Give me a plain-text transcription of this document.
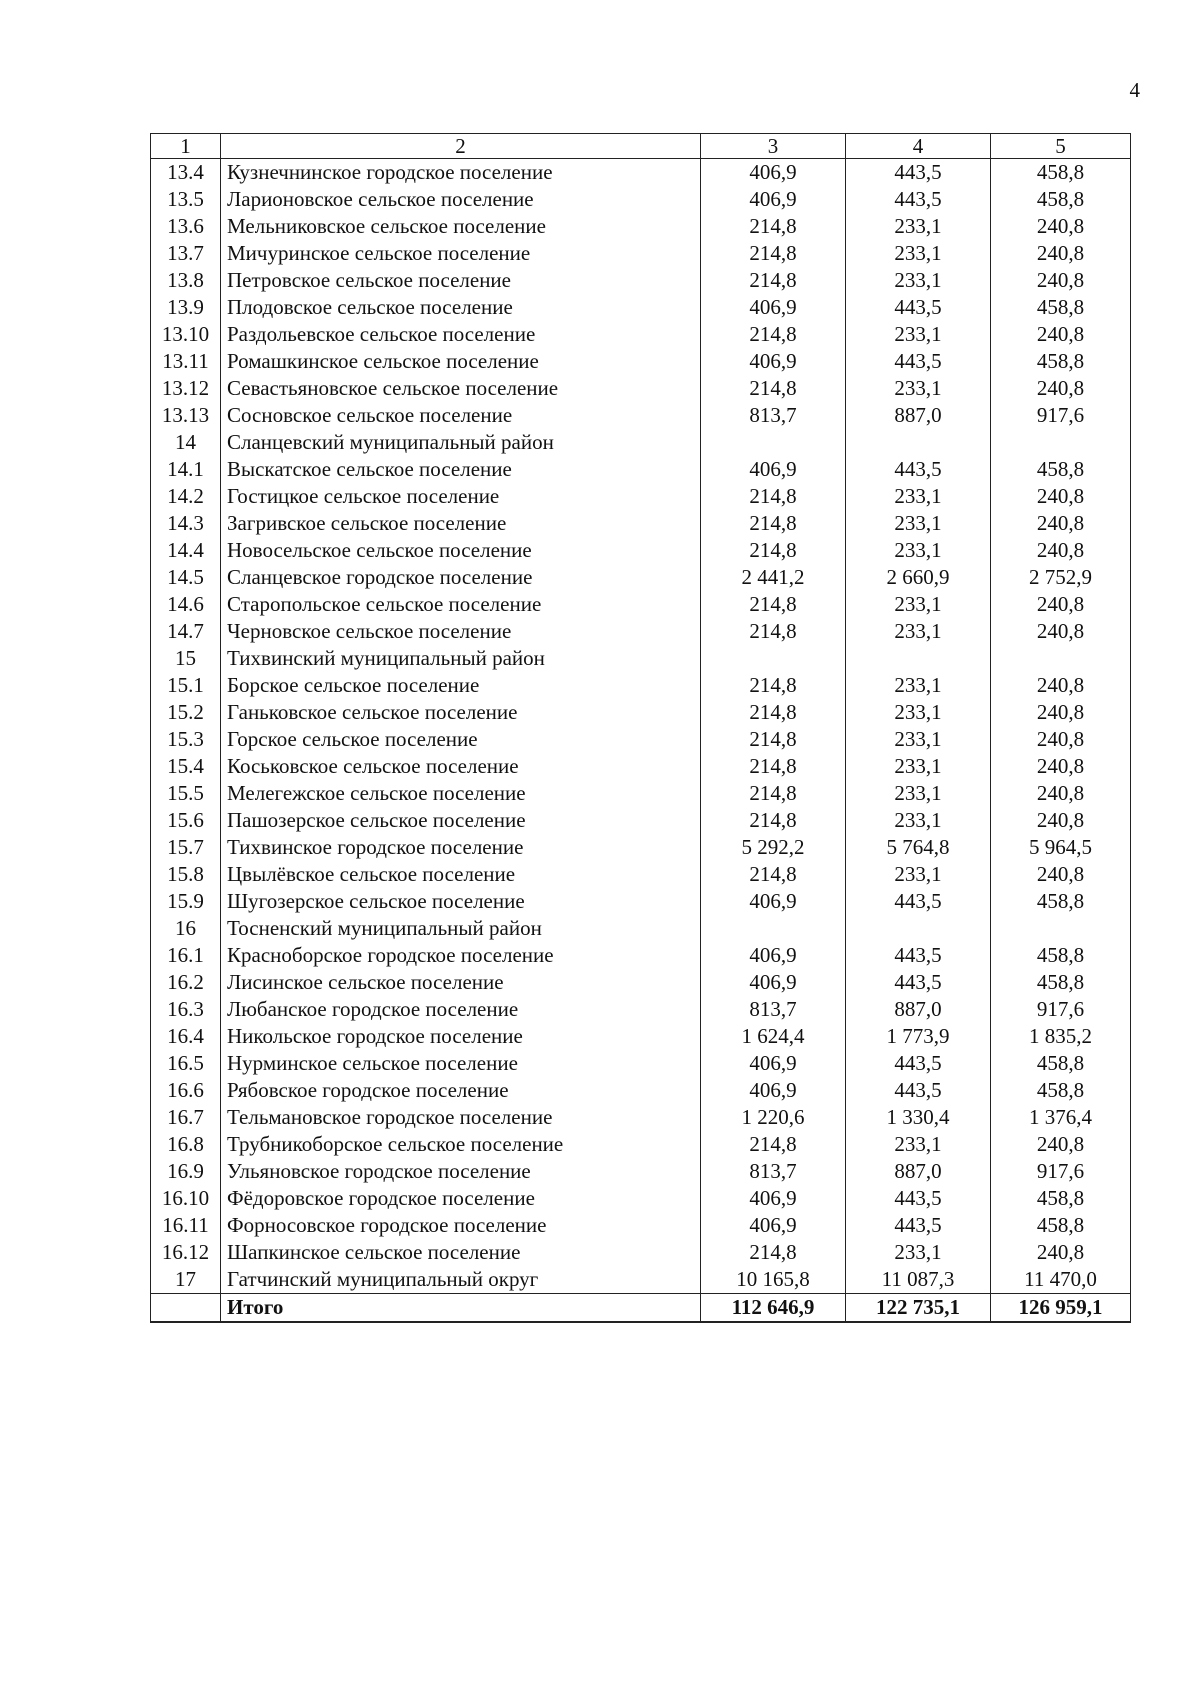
4
1	2	3	4	5
13.4	Кузнечнинское городское поселение	406,9	443,5	458,8
13.5	Ларионовское сельское поселение	406,9	443,5	458,8
13.6	Мельниковское сельское поселение	214,8	233,1	240,8
13.7	Мичуринское сельское поселение	214,8	233,1	240,8
13.8	Петровское сельское поселение	214,8	233,1	240,8
13.9	Плодовское сельское поселение	406,9	443,5	458,8
13.10	Раздольевское сельское поселение	214,8	233,1	240,8
13.11	Ромашкинское сельское поселение	406,9	443,5	458,8
13.12	Севастьяновское сельское поселение	214,8	233,1	240,8
13.13	Сосновское сельское поселение	813,7	887,0	917,6
14	Сланцевский муниципальный район			
14.1	Выскатское сельское поселение	406,9	443,5	458,8
14.2	Гостицкое сельское поселение	214,8	233,1	240,8
14.3	Загривское сельское поселение	214,8	233,1	240,8
14.4	Новосельское сельское поселение	214,8	233,1	240,8
14.5	Сланцевское городское поселение	2 441,2	2 660,9	2 752,9
14.6	Старопольское сельское поселение	214,8	233,1	240,8
14.7	Черновское сельское поселение	214,8	233,1	240,8
15	Тихвинский муниципальный район			
15.1	Борское сельское поселение	214,8	233,1	240,8
15.2	Ганьковское сельское поселение	214,8	233,1	240,8
15.3	Горское сельское поселение	214,8	233,1	240,8
15.4	Коськовское сельское поселение	214,8	233,1	240,8
15.5	Мелегежское сельское поселение	214,8	233,1	240,8
15.6	Пашозерское сельское поселение	214,8	233,1	240,8
15.7	Тихвинское городское поселение	5 292,2	5 764,8	5 964,5
15.8	Цвылёвское сельское поселение	214,8	233,1	240,8
15.9	Шугозерское сельское поселение	406,9	443,5	458,8
16	Тосненский муниципальный район			
16.1	Красноборское городское поселение	406,9	443,5	458,8
16.2	Лисинское сельское поселение	406,9	443,5	458,8
16.3	Любанское городское поселение	813,7	887,0	917,6
16.4	Никольское городское поселение	1 624,4	1 773,9	1 835,2
16.5	Нурминское сельское поселение	406,9	443,5	458,8
16.6	Рябовское городское поселение	406,9	443,5	458,8
16.7	Тельмановское городское поселение	1 220,6	1 330,4	1 376,4
16.8	Трубникоборское сельское поселение	214,8	233,1	240,8
16.9	Ульяновское городское поселение	813,7	887,0	917,6
16.10	Фёдоровское городское поселение	406,9	443,5	458,8
16.11	Форносовское городское поселение	406,9	443,5	458,8
16.12	Шапкинское сельское поселение	214,8	233,1	240,8
17	Гатчинский муниципальный округ	10 165,8	11 087,3	11 470,0
	Итого	112 646,9	122 735,1	126 959,1
